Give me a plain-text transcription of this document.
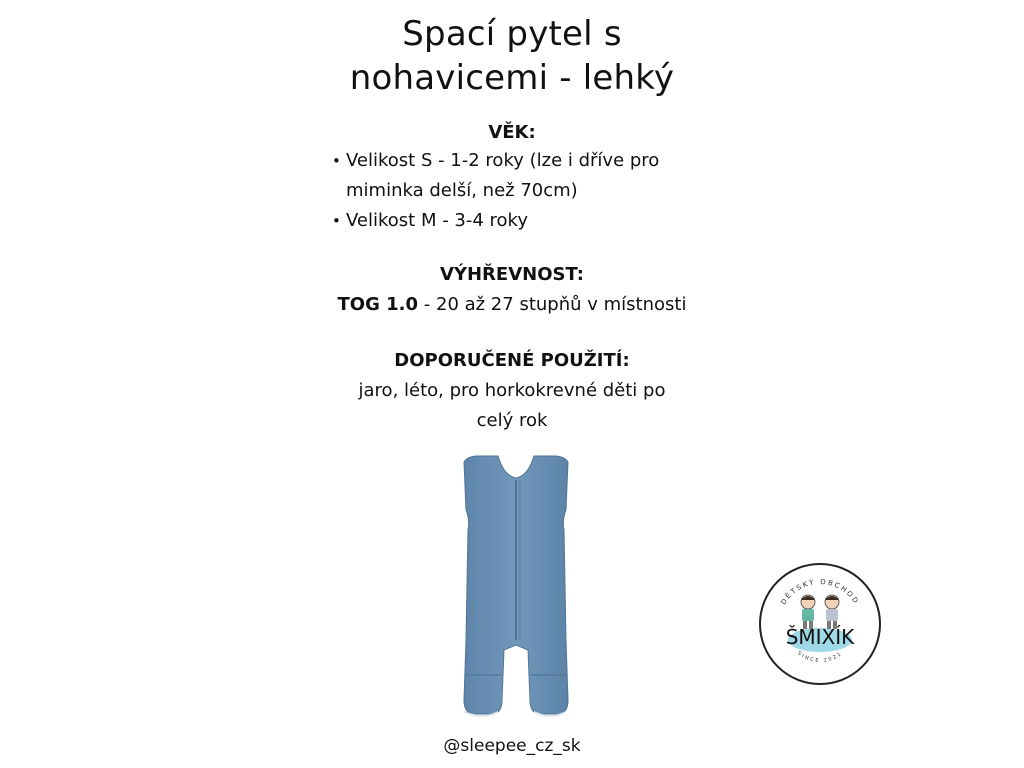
Spací pytel s
nohavicemi - lehký
VĚK:
• Velikost S - 1-2 roky (lze i dříve pro
miminka delší, než 70cm)
• Velikost M - 3-4 roky
VÝHŘEVNOST:
TOG 1.0 - 20 až 27 stupňů v místnosti
DOPORUČENÉ POUŽITÍ:
jaro, léto, pro horkokrevné děti po
celý rok
@sleepee_cz_sk
DĚTSKÝ OBCHOD
ŠMIXÍK
SINCE 2021
